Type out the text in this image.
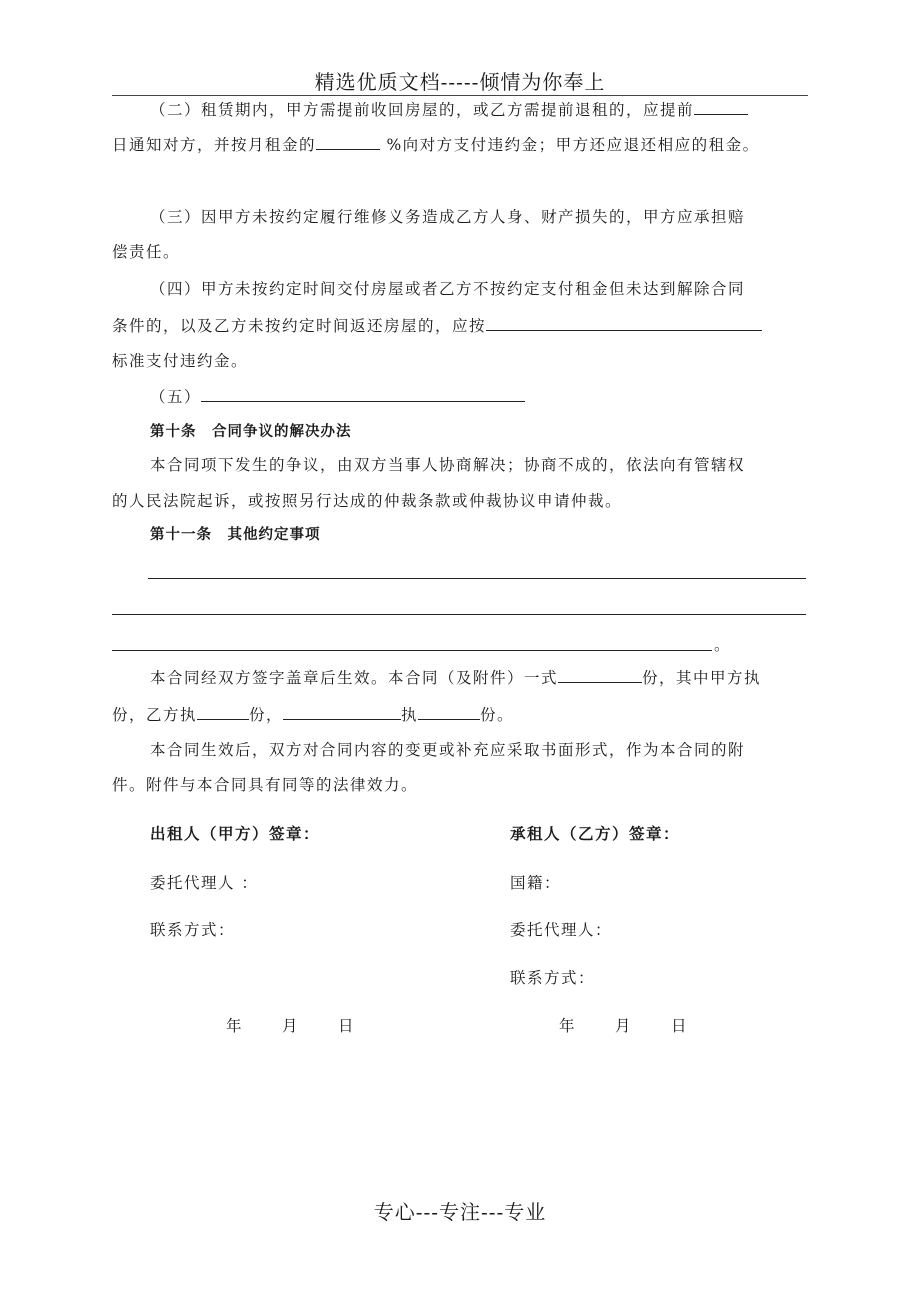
精选优质文档-----倾情为你奉上
（二）租赁期内，甲方需提前收回房屋的，或乙方需提前退租的，应提前
日通知对方，并按月租金的	%向对方支付违约金；甲方还应退还相应的租金。
（三）因甲方未按约定履行维修义务造成乙方人身、财产损失的，甲方应承担赔
偿责任。
（四）甲方未按约定时间交付房屋或者乙方不按约定支付租金但未达到解除合同
条件的，以及乙方未按约定时间返还房屋的，应按
标准支付违约金。
（五）
第十条　合同争议的解决办法
本合同项下发生的争议，由双方当事人协商解决；协商不成的，依法向有管辖权
的人民法院起诉，或按照另行达成的仲裁条款或仲裁协议申请仲裁。
第十一条　其他约定事项
。
本合同经双方签字盖章后生效。本合同（及附件）一式	份，其中甲方执
份，乙方执	份，	执	份。
本合同生效后，双方对合同内容的变更或补充应采取书面形式，作为本合同的附
件。附件与本合同具有同等的法律效力。
出租人（甲方）签章：
委托代理人 ：
联系方式：
年	月	日
承租人（乙方）签章：
国籍：
委托代理人：
联系方式：
年	月	日
专心---专注---专业
